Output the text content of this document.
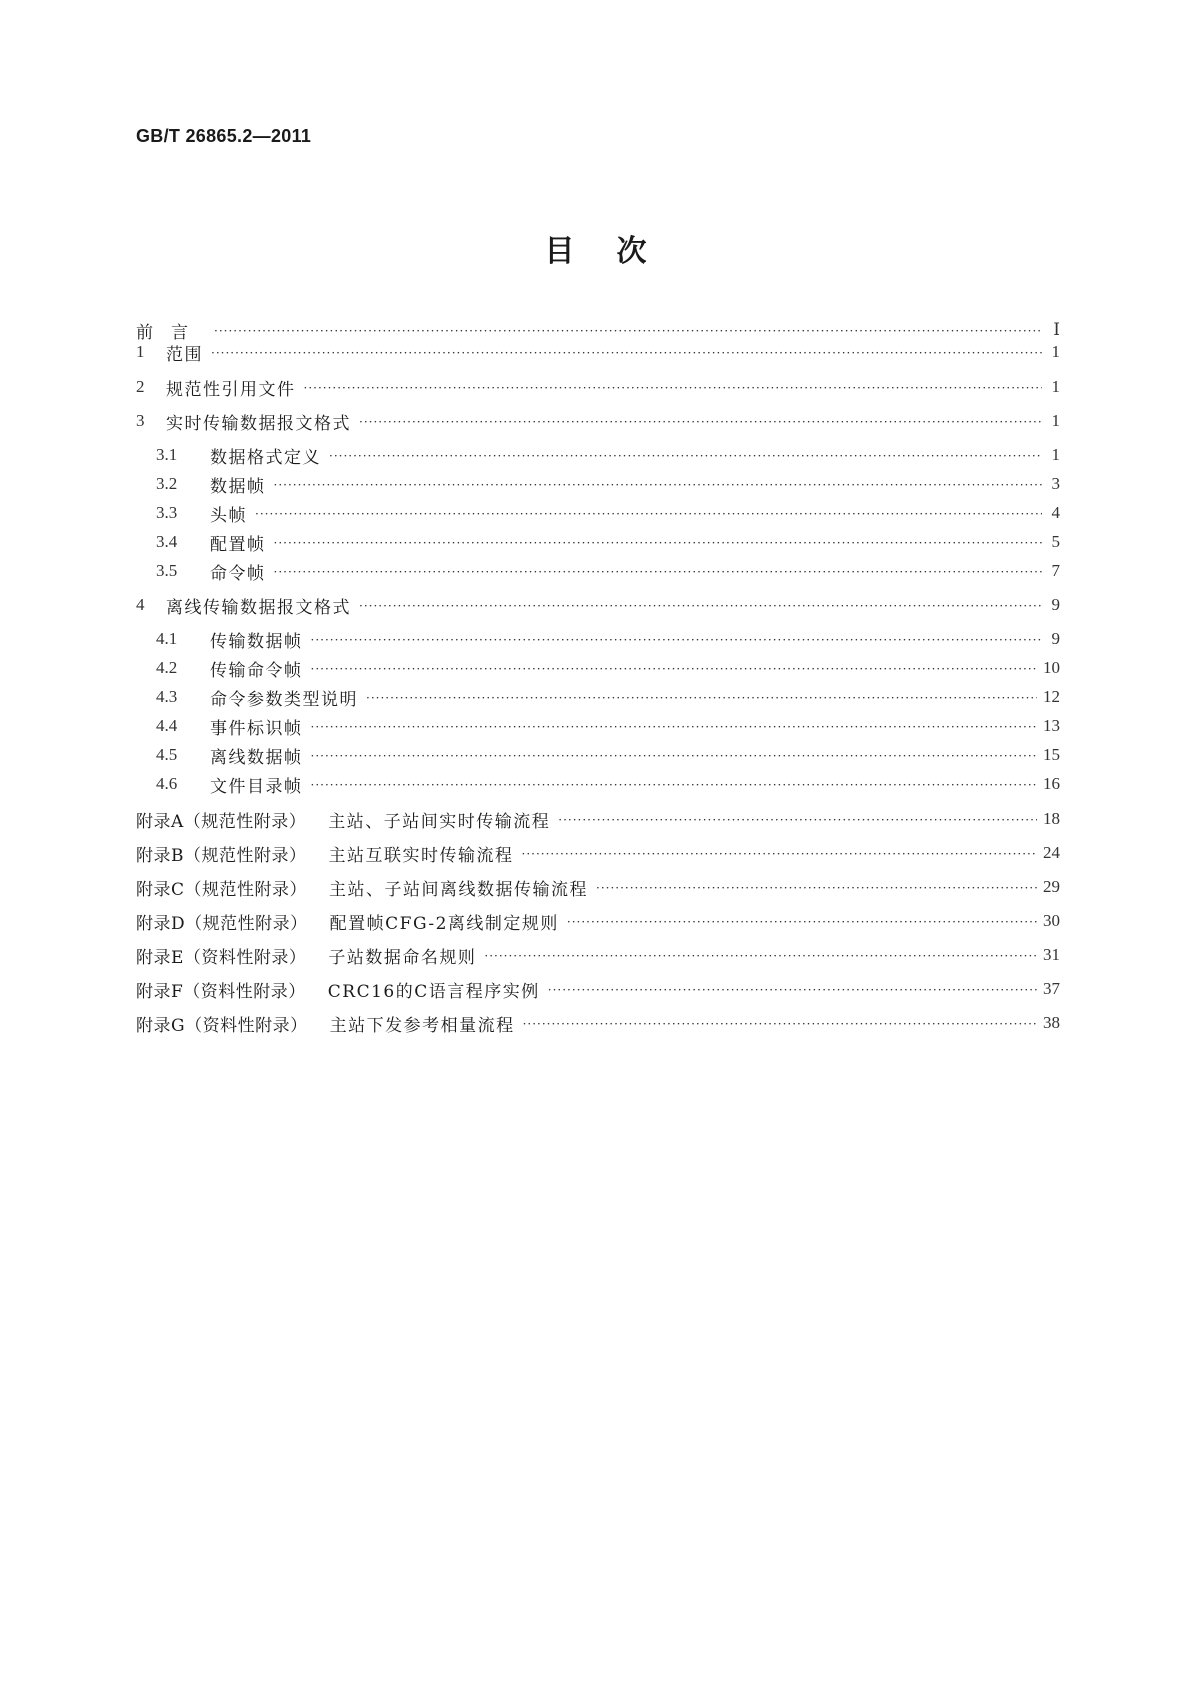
GB/T 26865.2—2011
目次
前言 ·····	Ⅰ
1	范围 ·····	1
2	规范性引用文件 ·····	1
3	实时传输数据报文格式 ·····	1
3.1	数据格式定义 ·····	1
3.2	数据帧 ·····	3
3.3	头帧 ·····	4
3.4	配置帧 ·····	5
3.5	命令帧 ·····	7
4	离线传输数据报文格式 ·····	9
4.1	传输数据帧 ·····	9
4.2	传输命令帧 ·····	10
4.3	命令参数类型说明 ·····	12
4.4	事件标识帧 ·····	13
4.5	离线数据帧 ·····	15
4.6	文件目录帧 ·····	16
附录A（规范性附录） 主站、子站间实时传输流程 ·····	18
附录B（规范性附录） 主站互联实时传输流程 ·····	24
附录C（规范性附录） 主站、子站间离线数据传输流程 ·····	29
附录D（规范性附录） 配置帧CFG-2离线制定规则 ·····	30
附录E（资料性附录） 子站数据命名规则 ·····	31
附录F（资料性附录） CRC16的C语言程序实例 ·····	37
附录G（资料性附录） 主站下发参考相量流程 ·····	38
